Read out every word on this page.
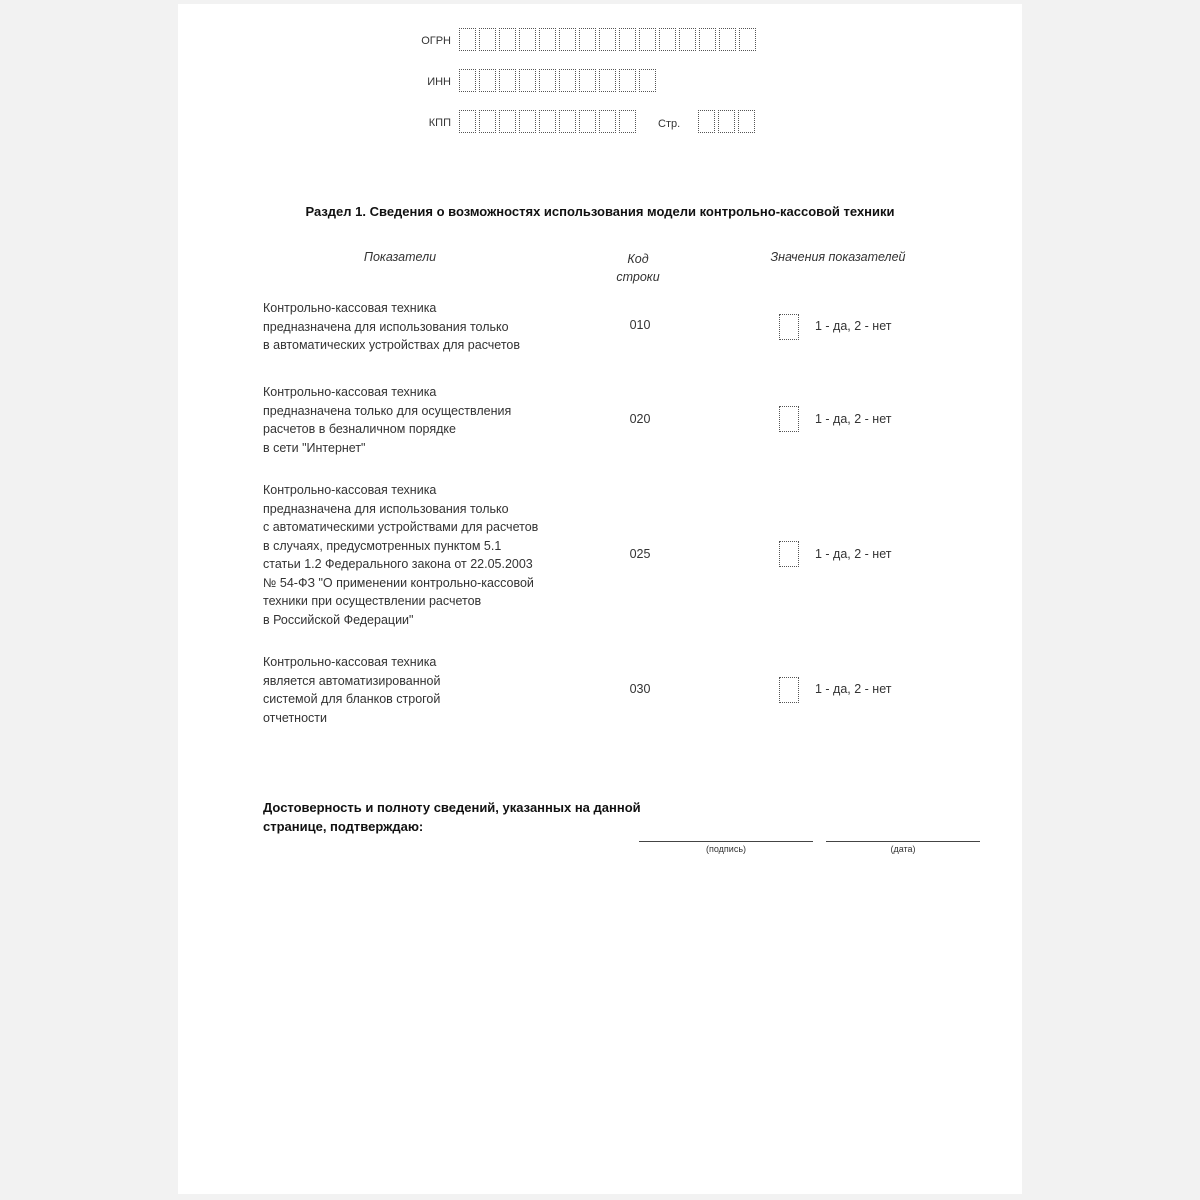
ОГРН
ИНН
КПП	Стр.
Раздел 1. Сведения о возможностях использования модели контрольно-кассовой техники
Показатели	Код
строки
Значения показателей
Контрольно-кассовая техника
предназначена для использования только
в автоматических устройствах для расчетов
010	1 - да, 2 - нет
Контрольно-кассовая техника
предназначена только для осуществления
расчетов в безналичном порядке
в сети "Интернет"
020	1 - да, 2 - нет
Контрольно-кассовая техника
предназначена для использования только
с автоматическими устройствами для расчетов
в случаях, предусмотренных пунктом 5.1
статьи 1.2 Федерального закона от 22.05.2003
№ 54-ФЗ "О применении контрольно-кассовой
техники при осуществлении расчетов
в Российской Федерации"
025	1 - да, 2 - нет
Контрольно-кассовая техника
является автоматизированной
системой для бланков строгой
отчетности
030	1 - да, 2 - нет
Достоверность и полноту сведений, указанных на данной
странице, подтверждаю:
(подпись)	(дата)
